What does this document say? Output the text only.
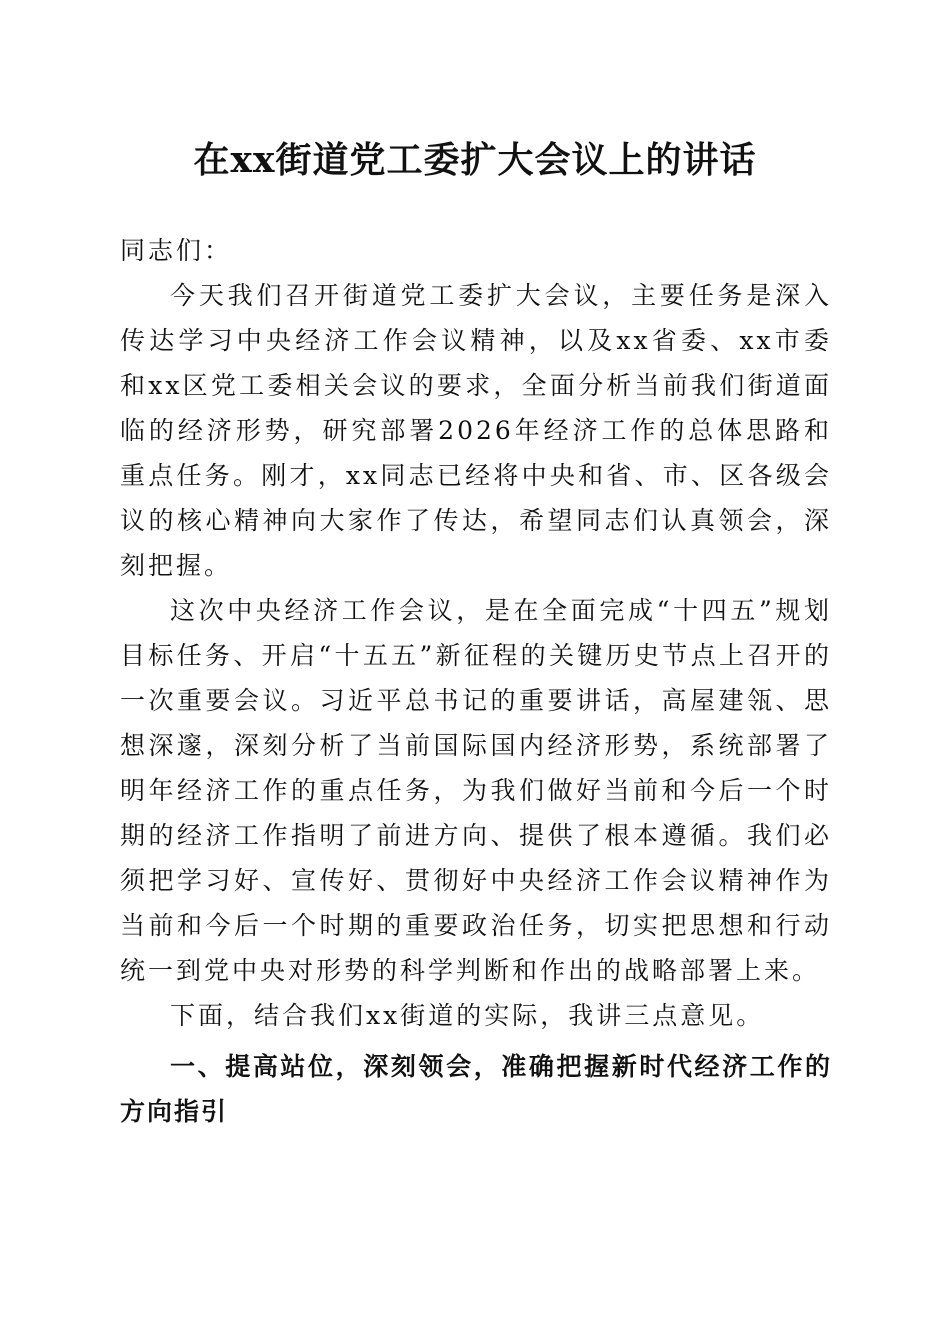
在xx街道党工委扩大会议上的讲话

同志们：

今天我们召开街道党工委扩大会议，主要任务是深入传达学习中央经济工作会议精神，以及xx省委、xx市委和xx区党工委相关会议的要求，全面分析当前我们街道面临的经济形势，研究部署2026年经济工作的总体思路和重点任务。刚才，xx同志已经将中央和省、市、区各级会议的核心精神向大家作了传达，希望同志们认真领会，深刻把握。

这次中央经济工作会议，是在全面完成“十四五”规划目标任务、开启“十五五”新征程的关键历史节点上召开的一次重要会议。习近平总书记的重要讲话，高屋建瓴、思想深邃，深刻分析了当前国际国内经济形势，系统部署了明年经济工作的重点任务，为我们做好当前和今后一个时期的经济工作指明了前进方向、提供了根本遵循。我们必须把学习好、宣传好、贯彻好中央经济工作会议精神作为当前和今后一个时期的重要政治任务，切实把思想和行动统一到党中央对形势的科学判断和作出的战略部署上来。

下面，结合我们xx街道的实际，我讲三点意见。

一、提高站位，深刻领会，准确把握新时代经济工作的方向指引
